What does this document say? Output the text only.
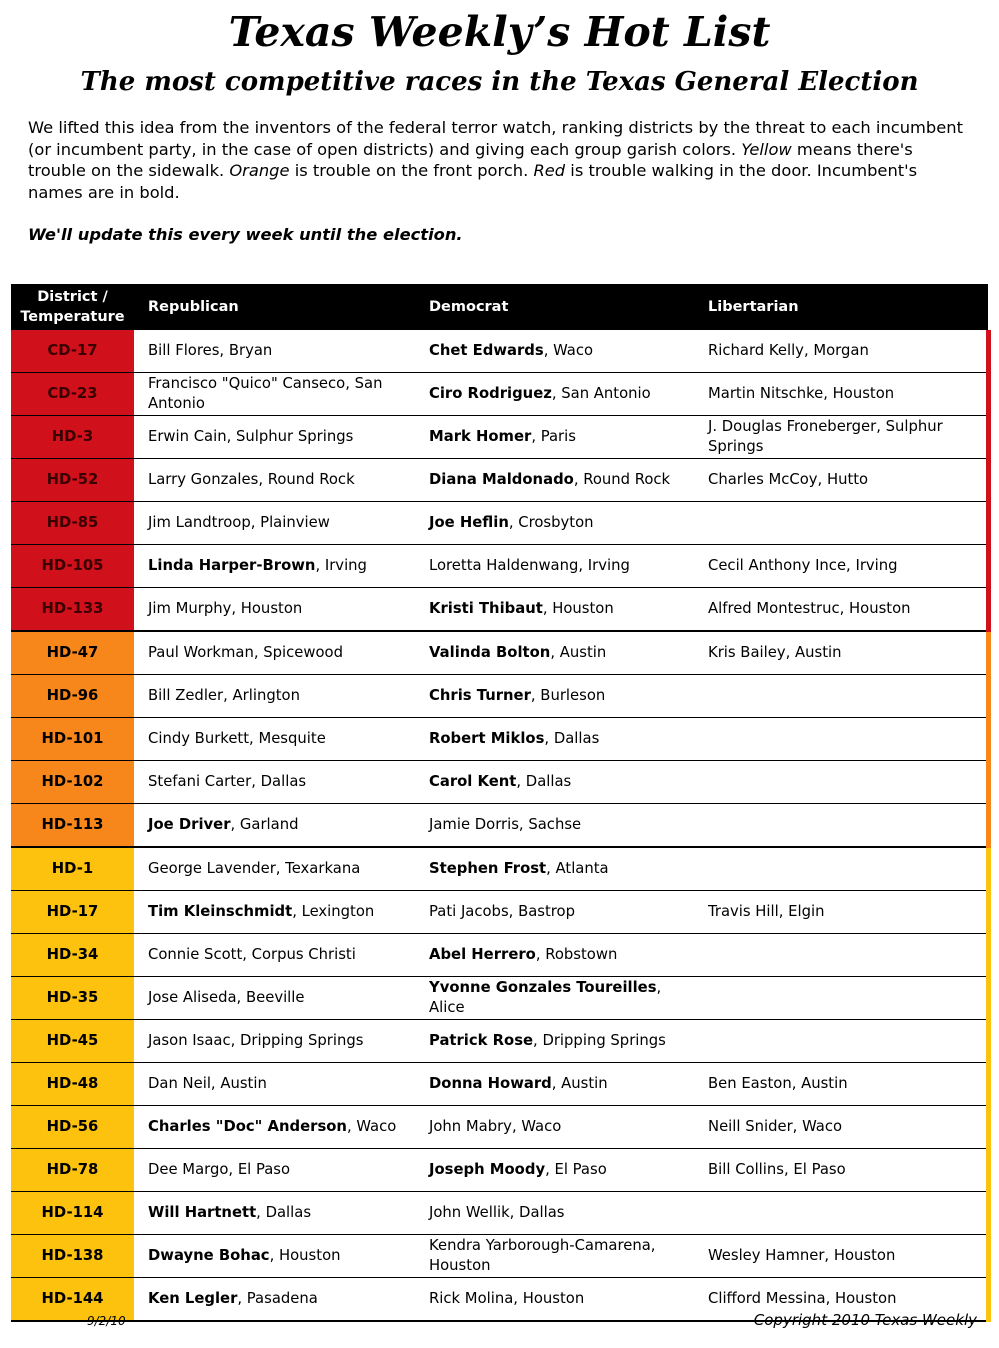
Texas Weekly’s Hot List
The most competitive races in the Texas General Election
We lifted this idea from the inventors of the federal terror watch, ranking districts by the threat to each incumbent (or incumbent party, in the case of open districts) and giving each group garish colors. Yellow means there's trouble on the sidewalk. Orange is trouble on the front porch. Red is trouble walking in the door. Incumbent's names are in bold.
We'll update this every week until the election.
District /
Temperature	Republican	Democrat	Libertarian
CD-17	Bill Flores, Bryan	Chet Edwards, Waco	Richard Kelly, Morgan
CD-23	Francisco "Quico" Canseco, San Antonio	Ciro Rodriguez, San Antonio	Martin Nitschke, Houston
HD-3	Erwin Cain, Sulphur Springs	Mark Homer, Paris	J. Douglas Froneberger, Sulphur Springs
HD-52	Larry Gonzales, Round Rock	Diana Maldonado, Round Rock	Charles McCoy, Hutto
HD-85	Jim Landtroop, Plainview	Joe Heflin, Crosbyton	
HD-105	Linda Harper-Brown, Irving	Loretta Haldenwang, Irving	Cecil Anthony Ince, Irving
HD-133	Jim Murphy, Houston	Kristi Thibaut, Houston	Alfred Montestruc, Houston
HD-47	Paul Workman, Spicewood	Valinda Bolton, Austin	Kris Bailey, Austin
HD-96	Bill Zedler, Arlington	Chris Turner, Burleson	
HD-101	Cindy Burkett, Mesquite	Robert Miklos, Dallas	
HD-102	Stefani Carter, Dallas	Carol Kent, Dallas	
HD-113	Joe Driver, Garland	Jamie Dorris, Sachse	
HD-1	George Lavender, Texarkana	Stephen Frost, Atlanta	
HD-17	Tim Kleinschmidt, Lexington	Pati Jacobs, Bastrop	Travis Hill, Elgin
HD-34	Connie Scott, Corpus Christi	Abel Herrero, Robstown	
HD-35	Jose Aliseda, Beeville	Yvonne Gonzales Toureilles, Alice	
HD-45	Jason Isaac, Dripping Springs	Patrick Rose, Dripping Springs	
HD-48	Dan Neil, Austin	Donna Howard, Austin	Ben Easton, Austin
HD-56	Charles "Doc" Anderson, Waco	John Mabry, Waco	Neill Snider, Waco
HD-78	Dee Margo, El Paso	Joseph Moody, El Paso	Bill Collins, El Paso
HD-114	Will Hartnett, Dallas	John Wellik, Dallas	
HD-138	Dwayne Bohac, Houston	Kendra Yarborough-Camarena, Houston	Wesley Hamner, Houston
HD-144	Ken Legler, Pasadena	Rick Molina, Houston	Clifford Messina, Houston
9/2/10	Copyright 2010 Texas Weekly
